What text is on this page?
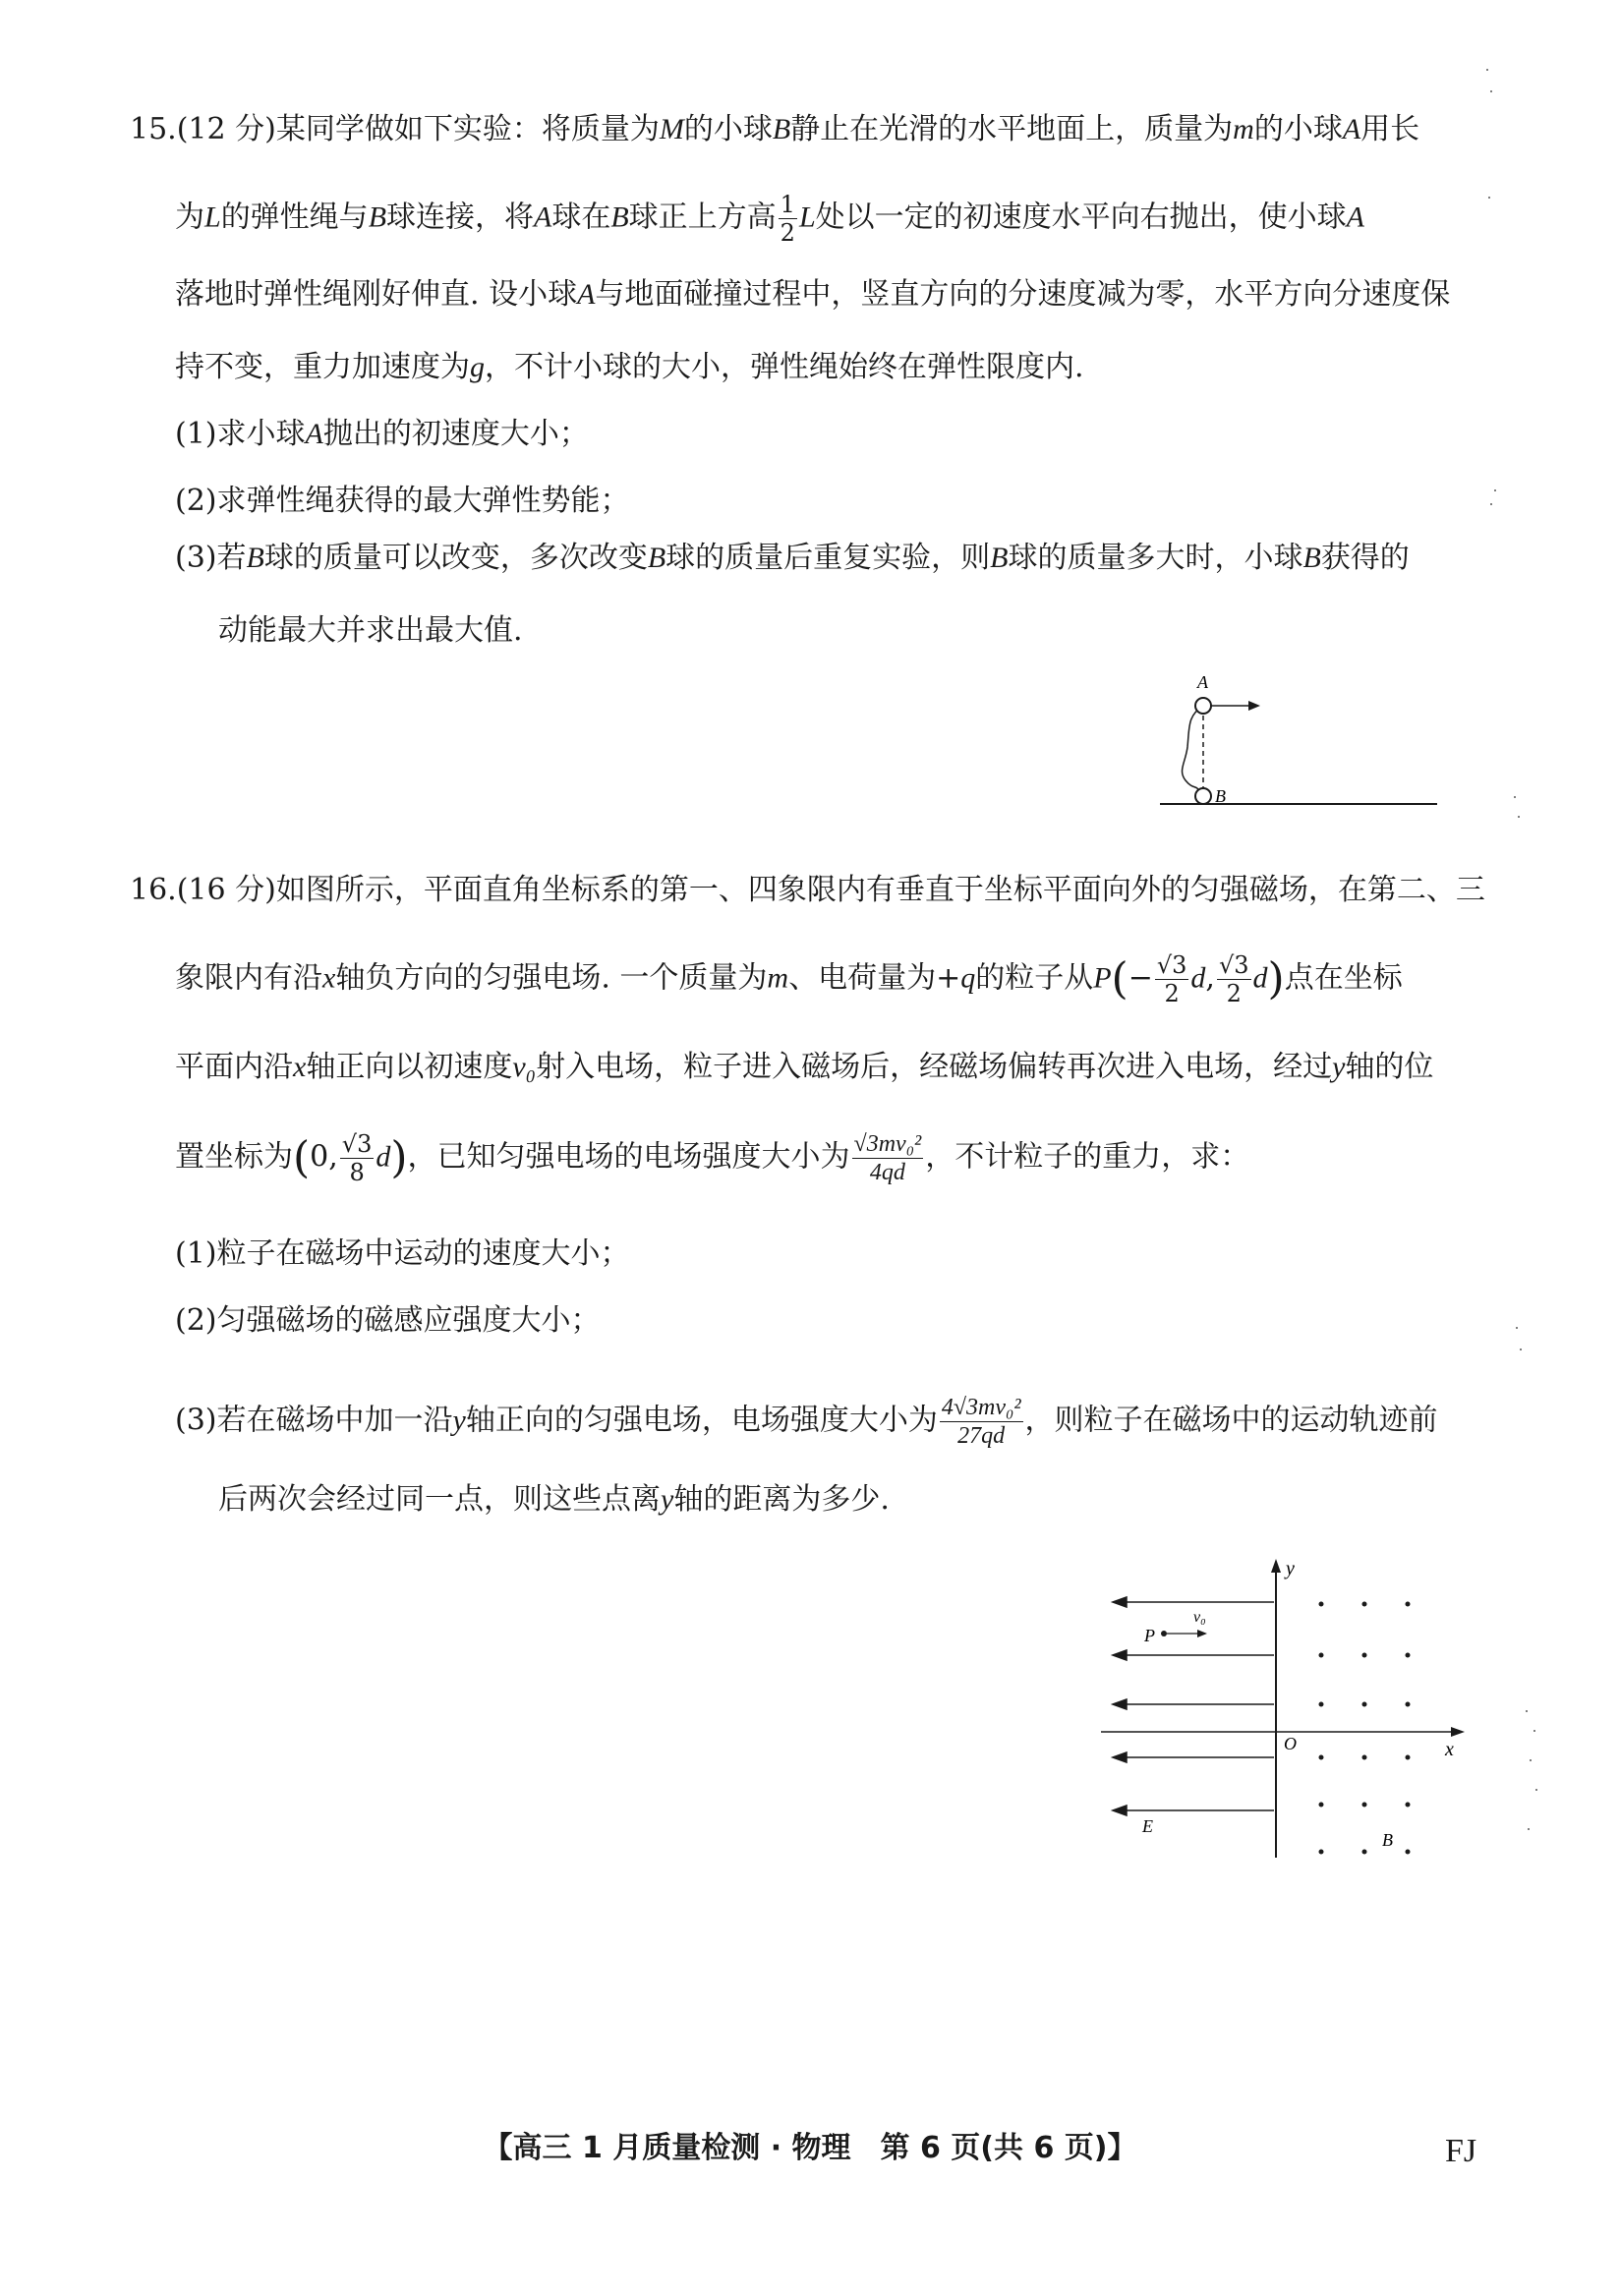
15.(12 分)某同学做如下实验：将质量为M的小球B静止在光滑的水平地面上，质量为m的小球A用长
为L的弹性绳与B球连接，将A球在B球正上方高 $\frac{1}{2}$ L处以一定的初速度水平向右抛出，使小球A
落地时弹性绳刚好伸直. 设小球A与地面碰撞过程中，竖直方向的分速度减为零，水平方向分速度保
持不变，重力加速度为g，不计小球的大小，弹性绳始终在弹性限度内.
(1)求小球A抛出的初速度大小；
(2)求弹性绳获得的最大弹性势能；
(3)若B球的质量可以改变，多次改变B球的质量后重复实验，则B球的质量多大时，小球B获得的
动能最大并求出最大值.
A
B
16.(16 分)如图所示，平面直角坐标系的第一、四象限内有垂直于坐标平面向外的匀强磁场，在第二、三
象限内有沿x轴负方向的匀强电场. 一个质量为m、电荷量为+q的粒子从$P(- \frac{√3}{2} d$, $\frac{√3}{2} d$)点在坐标
平面内沿x轴正向以初速度v₀射入电场，粒子进入磁场后，经磁场偏转再次进入电场，经过y轴的位
置坐标为(0, $\frac{√3}{8} d$)，已知匀强电场的电场强度大小为 $\frac{\text{√3mv₀²}}{4qd}$ ，不计粒子的重力，求：
(1)粒子在磁场中运动的速度大小；
(2)匀强磁场的磁感应强度大小；
(3)若在磁场中加一沿y轴正向的匀强电场，电场强度大小为 $\frac{\text{4√3mv₀²}}{27qd}$ ，则粒子在磁场中的运动轨迹前
后两次会经过同一点，则这些点离y轴的距离为多少.
P
v₀
y
x
O
E
B
【高三 1 月质量检测 · 物理　第 6 页(共 6 页)】	FJ
